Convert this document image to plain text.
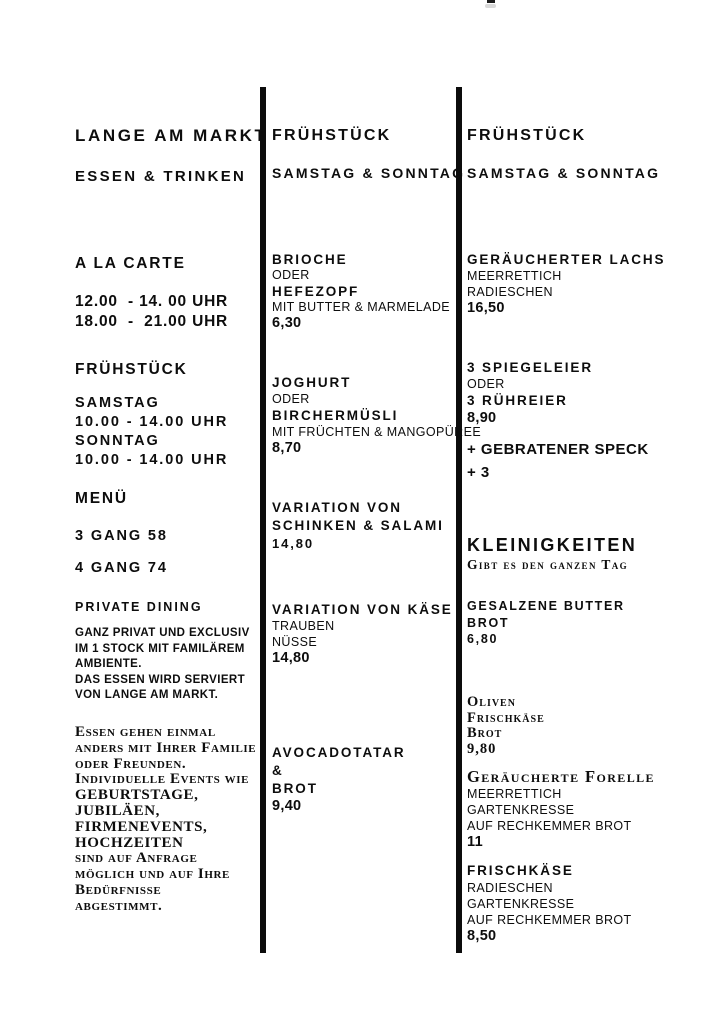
LANGE AM MARKT
ESSEN & TRINKEN
A LA CARTE
12.00  - 14. 00 UHR
18.00  -  21.00 UHR
FRÜHSTÜCK
SAMSTAG
10.00 - 14.00 UHR
SONNTAG
10.00 - 14.00 UHR
MENÜ
3 GANG 58
4 GANG 74
PRIVATE DINING
GANZ PRIVAT UND EXCLUSIV
IM 1 STOCK MIT FAMILÄREM
AMBIENTE.
DAS ESSEN WIRD SERVIERT
VON LANGE AM MARKT.
Essen gehen einmal
anders mit Ihrer Familie
oder Freunden.
Individuelle Events wie
GEBURTSTAGE,
JUBILÄEN,
FIRMENEVENTS,
HOCHZEITEN
sind auf Anfrage
möglich und auf Ihre
Bedürfnisse
abgestimmt.
FRÜHSTÜCK
SAMSTAG & SONNTAG
BRIOCHE
ODER
HEFEZOPF
MIT BUTTER & MARMELADE
6,30
JOGHURT
ODER
BIRCHERMÜSLI
MIT FRÜCHTEN & MANGOPÜREE
8,70
VARIATION VON
SCHINKEN & SALAMI
14,80
VARIATION VON KÄSE
TRAUBEN
NÜSSE
14,80
AVOCADOTATAR
&
BROT
9,40
FRÜHSTÜCK
SAMSTAG & SONNTAG
GERÄUCHERTER LACHS
MEERRETTICH
RADIESCHEN
16,50
3 SPIEGELEIER
ODER
3 RÜHREIER
8,90
+ GEBRATENER SPECK
+ 3
KLEINIGKEITEN
Gibt es den ganzen Tag
GESALZENE BUTTER
BROT
6,80
Oliven
Frischkäse
Brot
9,80
Geräucherte Forelle
MEERRETTICH
GARTENKRESSE
AUF RECHKEMMER BROT
11
FRISCHKÄSE
RADIESCHEN
GARTENKRESSE
AUF RECHKEMMER BROT
8,50
